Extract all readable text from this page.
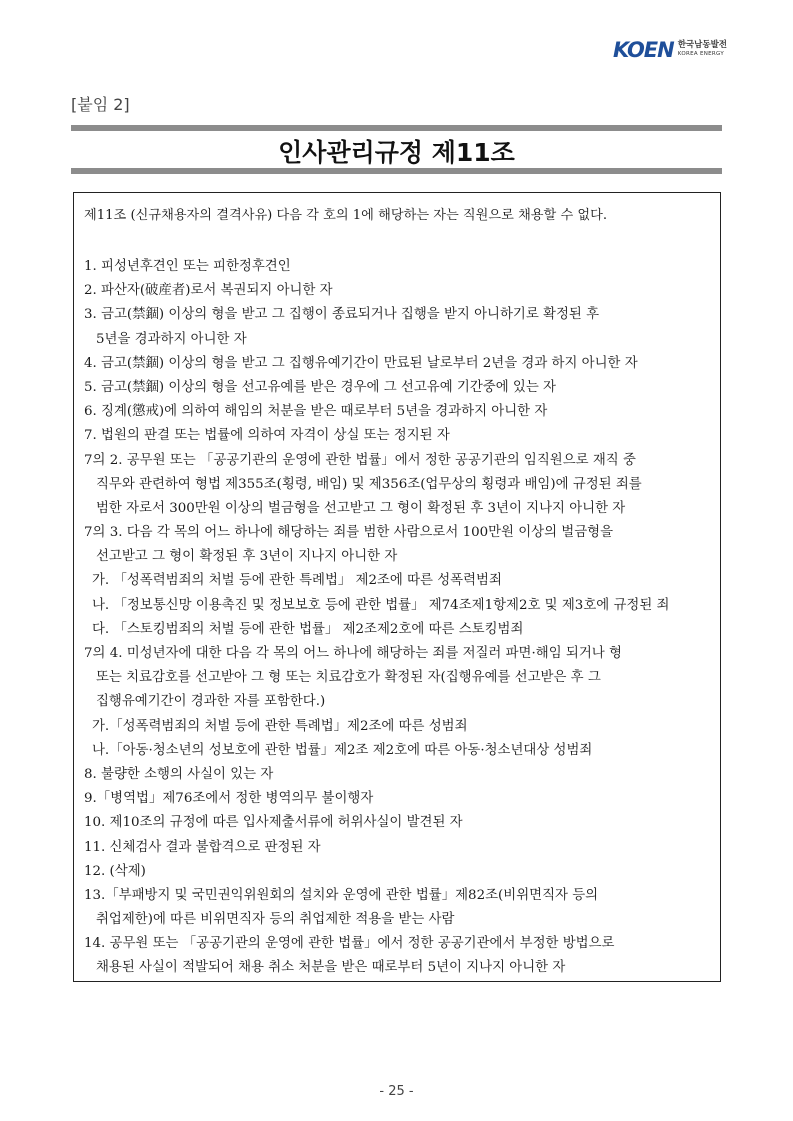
KOEN 한국남동발전
KOREA ENERGY
[붙임 2]
인사관리규정 제11조
제11조 (신규채용자의 결격사유) 다음 각 호의 1에 해당하는 자는 직원으로 채용할 수 없다.
1. 피성년후견인 또는 피한정후견인
2. 파산자(破産者)로서 복권되지 아니한 자
3. 금고(禁錮) 이상의 형을 받고 그 집행이 종료되거나 집행을 받지 아니하기로 확정된 후
5년을 경과하지 아니한 자
4. 금고(禁錮) 이상의 형을 받고 그 집행유예기간이 만료된 날로부터 2년을 경과 하지 아니한 자
5. 금고(禁錮) 이상의 형을 선고유예를 받은 경우에 그 선고유예 기간중에 있는 자
6. 징계(懲戒)에 의하여 해임의 처분을 받은 때로부터 5년을 경과하지 아니한 자
7. 법원의 판결 또는 법률에 의하여 자격이 상실 또는 정지된 자
7의 2. 공무원 또는 「공공기관의 운영에 관한 법률」에서 정한 공공기관의 임직원으로 재직 중
직무와 관련하여 형법 제355조(횡령, 배임) 및 제356조(업무상의 횡령과 배임)에 규정된 죄를
범한 자로서 300만원 이상의 벌금형을 선고받고 그 형이 확정된 후 3년이 지나지 아니한 자
7의 3. 다음 각 목의 어느 하나에 해당하는 죄를 범한 사람으로서 100만원 이상의 벌금형을
선고받고 그 형이 확정된 후 3년이 지나지 아니한 자
가. 「성폭력범죄의 처벌 등에 관한 특례법」 제2조에 따른 성폭력범죄
나. 「정보통신망 이용촉진 및 정보보호 등에 관한 법률」 제74조제1항제2호 및 제3호에 규정된 죄
다. 「스토킹범죄의 처벌 등에 관한 법률」 제2조제2호에 따른 스토킹범죄
7의 4. 미성년자에 대한 다음 각 목의 어느 하나에 해당하는 죄를 저질러 파면·해임 되거나 형
또는 치료감호를 선고받아 그 형 또는 치료감호가 확정된 자(집행유예를 선고받은 후 그
집행유예기간이 경과한 자를 포함한다.)
가.「성폭력범죄의 처벌 등에 관한 특례법」제2조에 따른 성범죄
나.「아동·청소년의 성보호에 관한 법률」제2조 제2호에 따른 아동·청소년대상 성범죄
8. 불량한 소행의 사실이 있는 자
9.「병역법」제76조에서 정한 병역의무 불이행자
10. 제10조의 규정에 따른 입사제출서류에 허위사실이 발견된 자
11. 신체검사 결과 불합격으로 판정된 자
12. (삭제)
13.「부패방지 및 국민권익위원회의 설치와 운영에 관한 법률」제82조(비위면직자 등의
취업제한)에 따른 비위면직자 등의 취업제한 적용을 받는 사람
14. 공무원 또는 「공공기관의 운영에 관한 법률」에서 정한 공공기관에서 부정한 방법으로
채용된 사실이 적발되어 채용 취소 처분을 받은 때로부터 5년이 지나지 아니한 자
- 25 -
